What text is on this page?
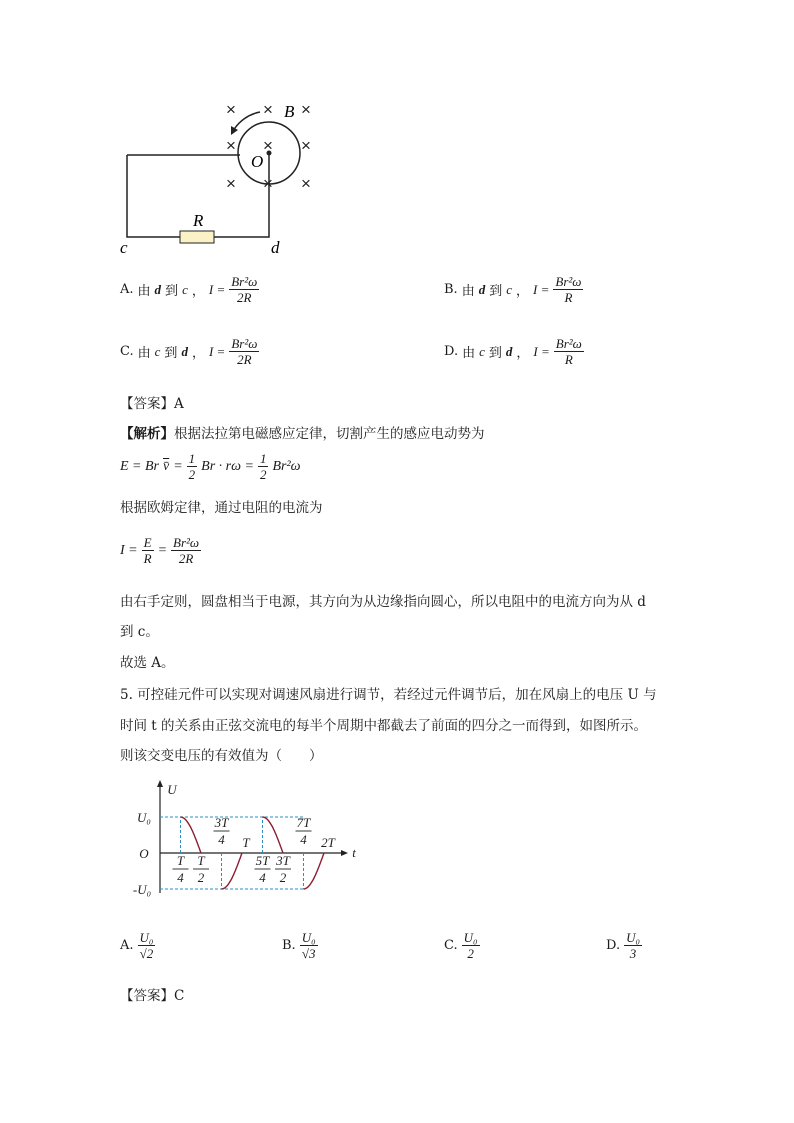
× × ×
× × ×
× × ×
B
O
R
c	d
A. 由 d 到 c ， $I = \frac{\text{Br²ω}}{2R}$	B. 由 d 到 c ， $I = \frac{\text{Br²ω}}{R}$
C. 由 c 到 d ， $I = \frac{\text{Br²ω}}{2R}$	D. 由 c 到 d ， $I = \frac{\text{Br²ω}}{R}$
【答案】A
【解析】根据法拉第电磁感应定律，切割产生的感应电动势为
E = Br v̄ = $\frac{1}{2}$ $Br \cdot r\omega = \frac{1}{2} Br^2\omega$
根据欧姆定律，通过电阻的电流为
$I = \frac{E}{R} = \frac{\text{Br²ω}}{2R}$
由右手定则，圆盘相当于电源，其方向为从边缘指向圆心，所以电阻中的电流方向为从 d
到 c。
故选 A。
5. 可控硅元件可以实现对调速风扇进行调节，若经过元件调节后，加在风扇上的电压 U 与
时间 t 的关系由正弦交流电的每半个周期中都截去了前面的四分之一而得到，如图所示。
则该交变电压的有效值为（　　）
t
U
U₀
O
-U₀
T
4
T
2
5T
4
3T
2
3T
4 T
7T
4 2T
A. $\frac{\text{U₀}}{√2}$	B. $\frac{\text{U₀}}{√3}$	C. $\frac{\text{U₀}}{2}$	D. $\frac{\text{U₀}}{3}$
【答案】C
